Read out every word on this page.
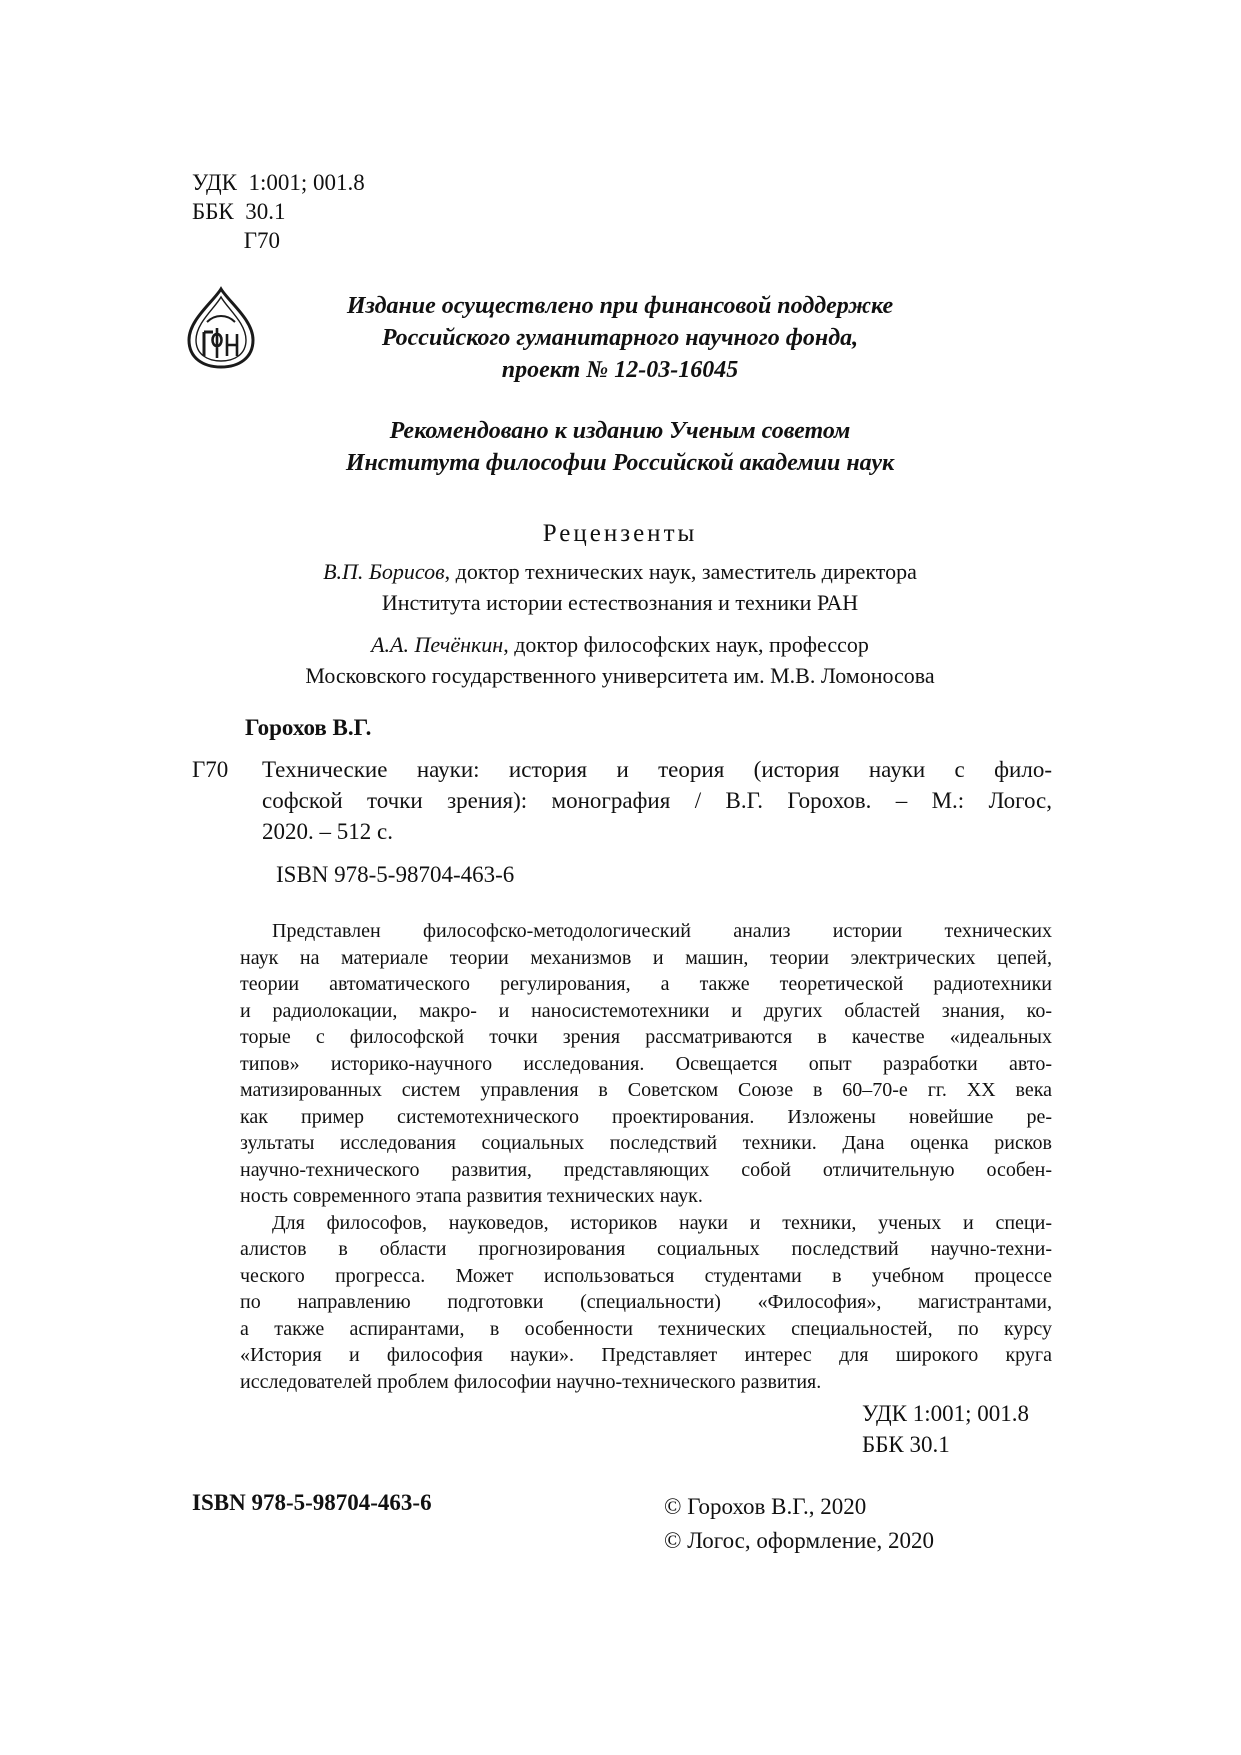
УДК  1:001; 001.8
ББК  30.1
Г70
Издание осуществлено при финансовой поддержке
Российского гуманитарного научного фонда,
проект № 12-03-16045
Рекомендовано к изданию Ученым советом
Института философии Российской академии наук
Рецензенты
В.П. Борисов, доктор технических наук, заместитель директора
Института истории естествознания и техники РАН
А.А. Печёнкин, доктор философских наук, профессор
Московского государственного университета им. М.В. Ломоносова
Горохов В.Г.
Г70 Технические науки: история и теория (история науки с фило-
софской точки зрения): монография / В.Г. Горохов. – М.: Логос,
2020. – 512 с.
ISBN 978-5-98704-463-6
Представлен философско-методологический анализ истории технических
наук на материале теории механизмов и машин, теории электрических цепей,
теории автоматического регулирования, а также теоретической радиотехники
и радиолокации, макро- и наносистемотехники и других областей знания, ко-
торые с философской точки зрения рассматриваются в качестве «идеальных
типов» историко-научного исследования. Освещается опыт разработки авто-
матизированных систем управления в Советском Союзе в 60–70-е гг. XX века
как пример системотехнического проектирования. Изложены новейшие ре-
зультаты исследования социальных последствий техники. Дана оценка рисков
научно-технического развития, представляющих собой отличительную особен-
ность современного этапа развития технических наук.
Для философов, науковедов, историков науки и техники, ученых и специ-
алистов в области прогнозирования социальных последствий научно-техни-
ческого прогресса. Может использоваться студентами в учебном процессе
по направлению подготовки (специальности) «Философия», магистрантами,
а также аспирантами, в особенности технических специальностей, по курсу
«История и философия науки». Представляет интерес для широкого круга
исследователей проблем философии научно-технического развития.
УДК 1:001; 001.8
ББК 30.1
ISBN 978-5-98704-463-6	© Горохов В.Г., 2020
© Логос, оформление, 2020
